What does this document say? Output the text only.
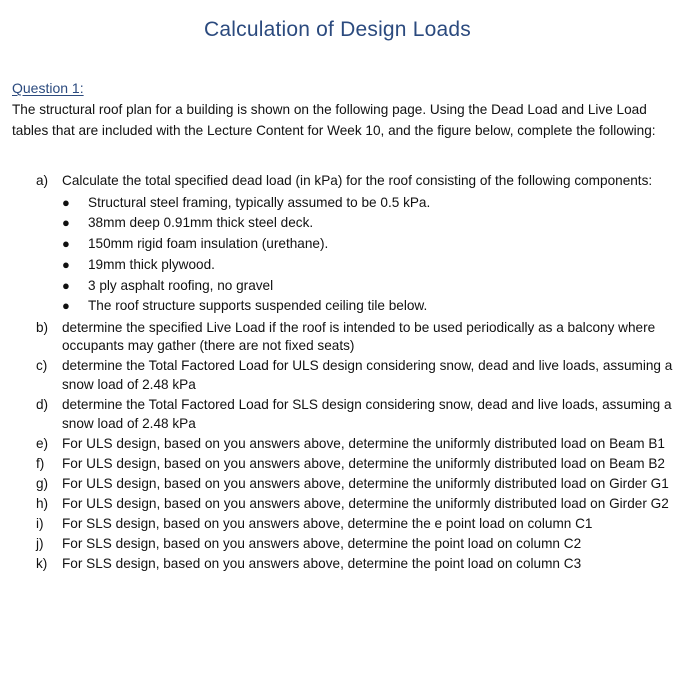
Calculation of Design Loads
Question 1:
The structural roof plan for a building is shown on the following page. Using the Dead Load and Live Load tables that are included with the Lecture Content for Week 10, and the figure below, complete the following:
a) Calculate the total specified dead load (in kPa) for the roof consisting of the following components:
● Structural steel framing, typically assumed to be 0.5 kPa.
● 38mm deep 0.91mm thick steel deck.
● 150mm rigid foam insulation (urethane).
● 19mm thick plywood.
● 3 ply asphalt roofing, no gravel
● The roof structure supports suspended ceiling tile below.
b) determine the specified Live Load if the roof is intended to be used periodically as a balcony where occupants may gather (there are not fixed seats)
c) determine the Total Factored Load for ULS design considering snow, dead and live loads, assuming a snow load of 2.48 kPa
d) determine the Total Factored Load for SLS design considering snow, dead and live loads, assuming a snow load of 2.48 kPa
e) For ULS design, based on you answers above, determine the uniformly distributed load on Beam B1
f) For ULS design, based on you answers above, determine the uniformly distributed load on Beam B2
g) For ULS design, based on you answers above, determine the uniformly distributed load on Girder G1
h) For ULS design, based on you answers above, determine the uniformly distributed load on Girder G2
i) For SLS design, based on you answers above, determine the e point load on column C1
j) For SLS design, based on you answers above, determine the point load on column C2
k) For SLS design, based on you answers above, determine the point load on column C3
